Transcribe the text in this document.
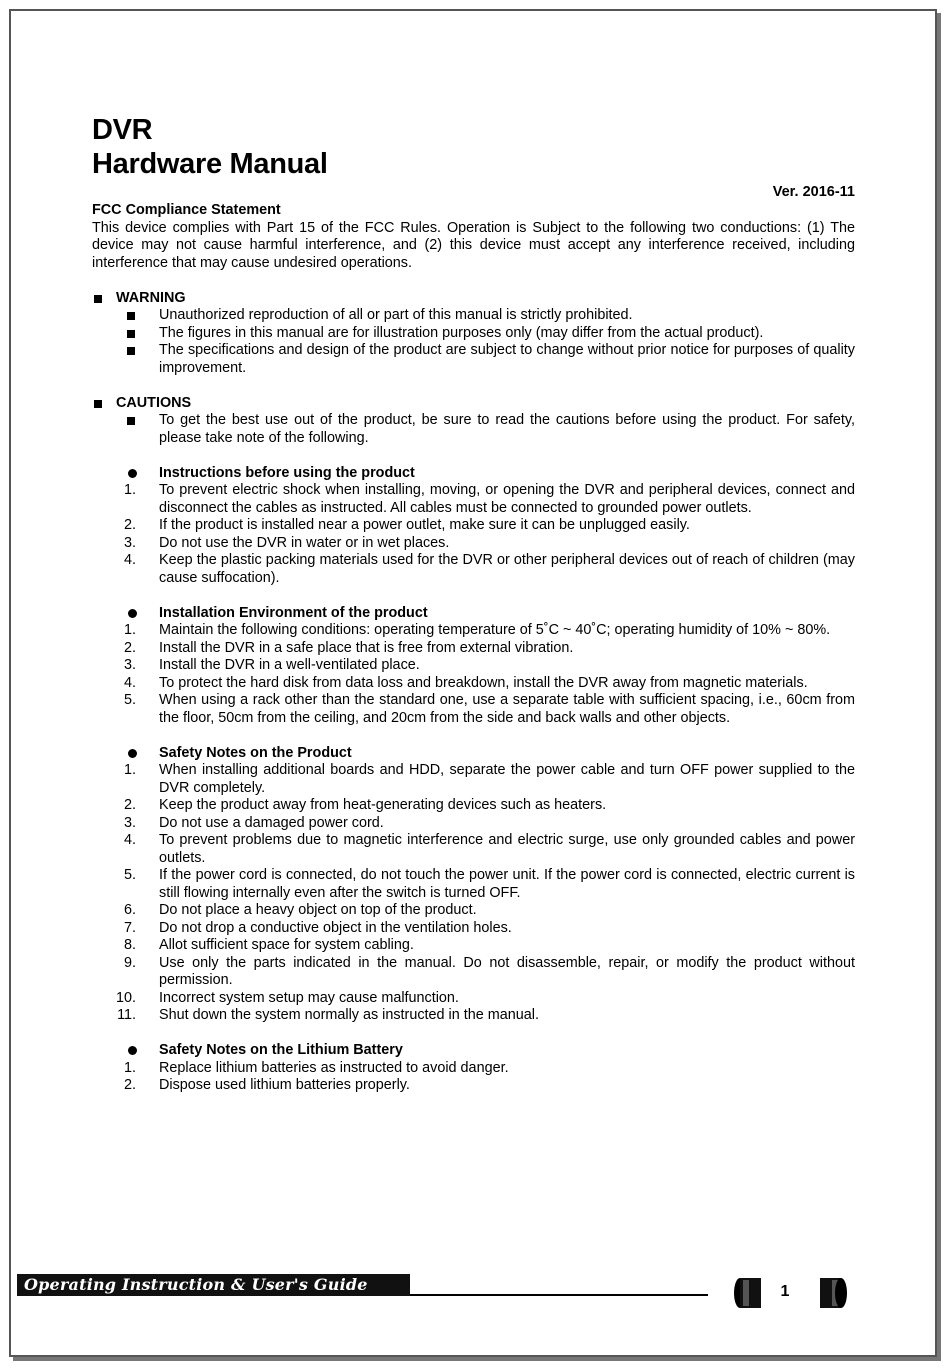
DVR
Hardware Manual
Ver. 2016-11

FCC Compliance Statement

This device complies with Part 15 of the FCC Rules. Operation is Subject to the following two conductions: (1) The device may not cause harmful interference, and (2) this device must accept any interference received, including interference that may cause undesired operations.

WARNING

Unauthorized reproduction of all or part of this manual is strictly prohibited.

The figures in this manual are for illustration purposes only (may differ from the actual product).

The specifications and design of the product are subject to change without prior notice for purposes of quality improvement.

CAUTIONS

To get the best use out of the product, be sure to read the cautions before using the product. For safety, please take note of the following.

Instructions before using the product

1. To prevent electric shock when installing, moving, or opening the DVR and peripheral devices, connect and disconnect the cables as instructed. All cables must be connected to grounded power outlets.
2. If the product is installed near a power outlet, make sure it can be unplugged easily.
3. Do not use the DVR in water or in wet places.
4. Keep the plastic packing materials used for the DVR or other peripheral devices out of reach of children (may cause suffocation).

Installation Environment of the product

1. Maintain the following conditions: operating temperature of 5˚C ~ 40˚C; operating humidity of 10% ~ 80%.
2. Install the DVR in a safe place that is free from external vibration.
3. Install the DVR in a well-ventilated place.
4. To protect the hard disk from data loss and breakdown, install the DVR away from magnetic materials.
5. When using a rack other than the standard one, use a separate table with sufficient spacing, i.e., 60cm from the floor, 50cm from the ceiling, and 20cm from the side and back walls and other objects.

Safety Notes on the Product

1. When installing additional boards and HDD, separate the power cable and turn OFF power supplied to the DVR completely.
2. Keep the product away from heat-generating devices such as heaters.
3. Do not use a damaged power cord.
4. To prevent problems due to magnetic interference and electric surge, use only grounded cables and power outlets.
5. If the power cord is connected, do not touch the power unit. If the power cord is connected, electric current is still flowing internally even after the switch is turned OFF.
6. Do not place a heavy object on top of the product.
7. Do not drop a conductive object in the ventilation holes.
8. Allot sufficient space for system cabling.
9. Use only the parts indicated in the manual. Do not disassemble, repair, or modify the product without permission.
10. Incorrect system setup may cause malfunction.
11. Shut down the system normally as instructed in the manual.

Safety Notes on the Lithium Battery

1. Replace lithium batteries as instructed to avoid danger.
2. Dispose used lithium batteries properly.
Operating Instruction & User's Guide	1
